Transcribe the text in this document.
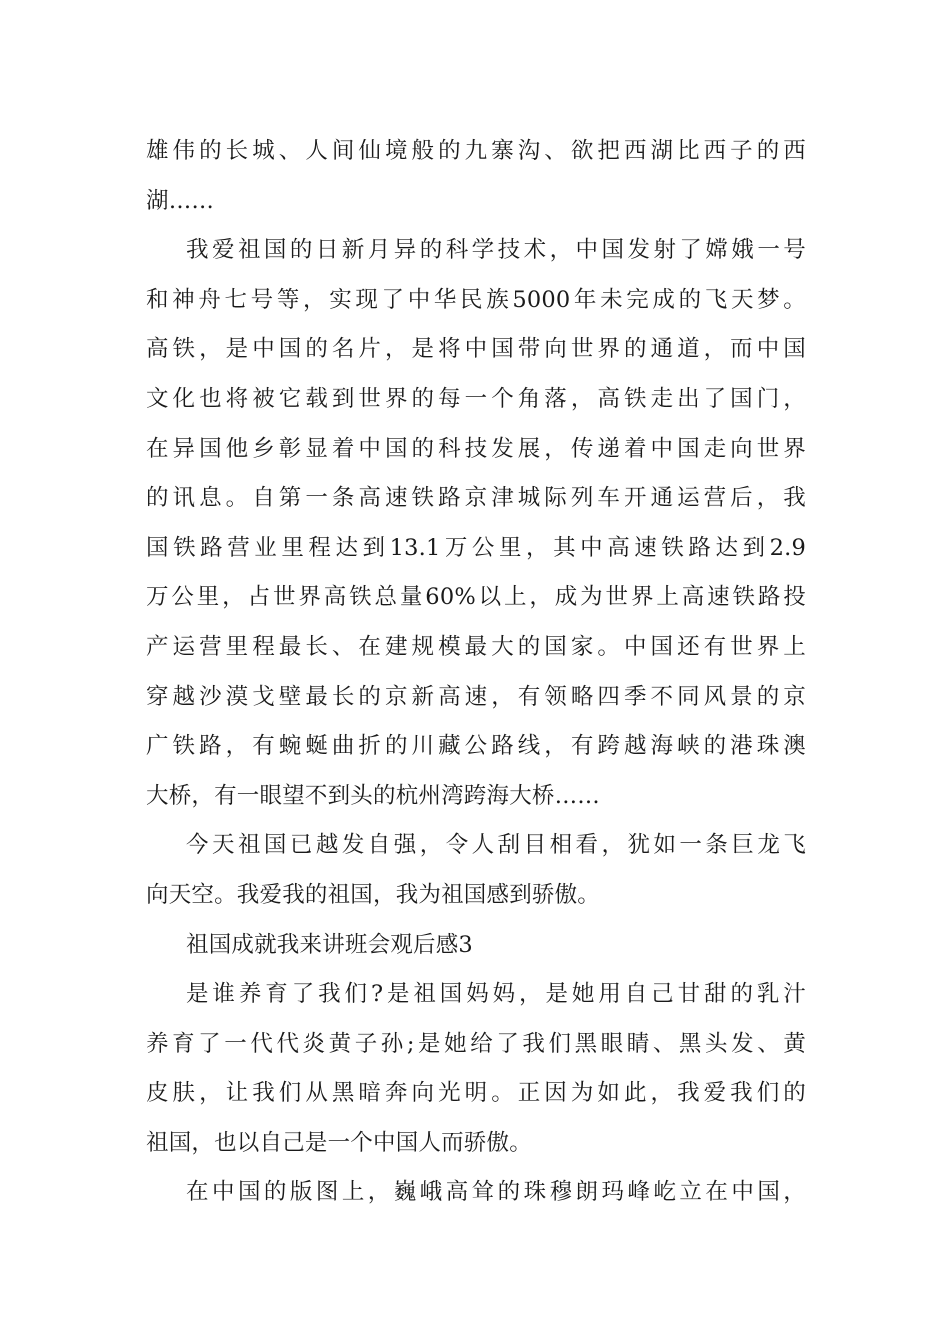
雄伟的长城、人间仙境般的九寨沟、欲把西湖比西子的西
湖……
我爱祖国的日新月异的科学技术，中国发射了嫦娥一号
和神舟七号等，实现了中华民族5000年未完成的飞天梦。
高铁，是中国的名片，是将中国带向世界的通道，而中国
文化也将被它载到世界的每一个角落，高铁走出了国门，
在异国他乡彰显着中国的科技发展，传递着中国走向世界
的讯息。自第一条高速铁路京津城际列车开通运营后，我
国铁路营业里程达到13.1万公里，其中高速铁路达到2.9
万公里，占世界高铁总量60%以上，成为世界上高速铁路投
产运营里程最长、在建规模最大的国家。中国还有世界上
穿越沙漠戈壁最长的京新高速，有领略四季不同风景的京
广铁路，有蜿蜒曲折的川藏公路线，有跨越海峡的港珠澳
大桥，有一眼望不到头的杭州湾跨海大桥……
今天祖国已越发自强，令人刮目相看，犹如一条巨龙飞
向天空。我爱我的祖国，我为祖国感到骄傲。
祖国成就我来讲班会观后感3
是谁养育了我们?是祖国妈妈，是她用自己甘甜的乳汁
养育了一代代炎黄子孙;是她给了我们黑眼睛、黑头发、黄
皮肤，让我们从黑暗奔向光明。正因为如此，我爱我们的
祖国，也以自己是一个中国人而骄傲。
在中国的版图上，巍峨高耸的珠穆朗玛峰屹立在中国，
